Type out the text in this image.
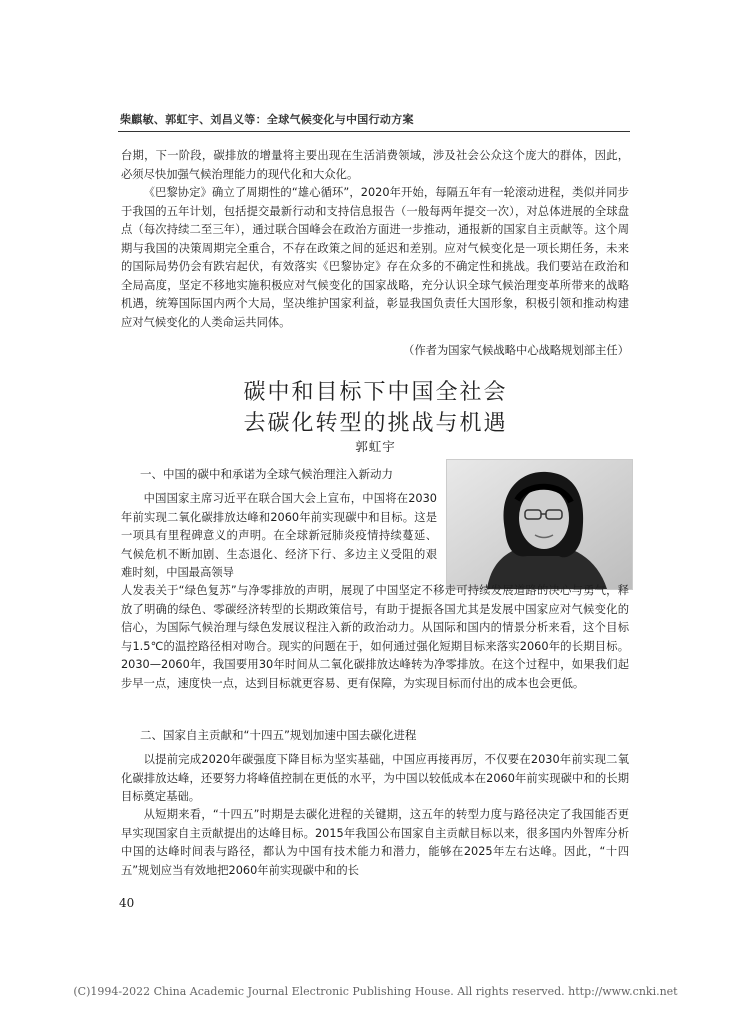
柴麒敏、郭虹宇、刘昌义等：全球气候变化与中国行动方案
台期，下一阶段，碳排放的增量将主要出现在生活消费领域，涉及社会公众这个庞大的群体，因此，必须尽快加强气候治理能力的现代化和大众化。
《巴黎协定》确立了周期性的“雄心循环”，2020年开始，每隔五年有一轮滚动进程，类似并同步于我国的五年计划，包括提交最新行动和支持信息报告（一般每两年提交一次），对总体进展的全球盘点（每次持续二至三年），通过联合国峰会在政治方面进一步推动，通报新的国家自主贡献等。这个周期与我国的决策周期完全重合，不存在政策之间的延迟和差别。应对气候变化是一项长期任务，未来的国际局势仍会有跌宕起伏，有效落实《巴黎协定》存在众多的不确定性和挑战。我们要站在政治和全局高度，坚定不移地实施积极应对气候变化的国家战略，充分认识全球气候治理变革所带来的战略机遇，统筹国际国内两个大局，坚决维护国家利益，彰显我国负责任大国形象，积极引领和推动构建应对气候变化的人类命运共同体。
（作者为国家气候战略中心战略规划部主任）
碳中和目标下中国全社会
去碳化转型的挑战与机遇
郭虹宇
一、中国的碳中和承诺为全球气候治理注入新动力
中国国家主席习近平在联合国大会上宣布，中国将在2030年前实现二氧化碳排放达峰和2060年前实现碳中和目标。这是一项具有里程碑意义的声明。在全球新冠肺炎疫情持续蔓延、气候危机不断加剧、生态退化、经济下行、多边主义受阻的艰难时刻，中国最高领导
人发表关于“绿色复苏”与净零排放的声明，展现了中国坚定不移走可持续发展道路的决心与勇气，释放了明确的绿色、零碳经济转型的长期政策信号，有助于提振各国尤其是发展中国家应对气候变化的信心，为国际气候治理与绿色发展议程注入新的政治动力。从国际和国内的情景分析来看，这个目标与1.5℃的温控路径相对吻合。现实的问题在于，如何通过强化短期目标来落实2060年的长期目标。2030—2060年，我国要用30年时间从二氧化碳排放达峰转为净零排放。在这个过程中，如果我们起步早一点，速度快一点，达到目标就更容易、更有保障，为实现目标而付出的成本也会更低。
二、国家自主贡献和“十四五”规划加速中国去碳化进程
以提前完成2020年碳强度下降目标为坚实基础，中国应再接再厉，不仅要在2030年前实现二氧化碳排放达峰，还要努力将峰值控制在更低的水平，为中国以较低成本在2060年前实现碳中和的长期目标奠定基础。
从短期来看，“十四五”时期是去碳化进程的关键期，这五年的转型力度与路径决定了我国能否更早实现国家自主贡献提出的达峰目标。2015年我国公布国家自主贡献目标以来，很多国内外智库分析中国的达峰时间表与路径，都认为中国有技术能力和潜力，能够在2025年左右达峰。因此，“十四五”规划应当有效地把2060年前实现碳中和的长
40
(C)1994-2022 China Academic Journal Electronic Publishing House. All rights reserved. http://www.cnki.net
